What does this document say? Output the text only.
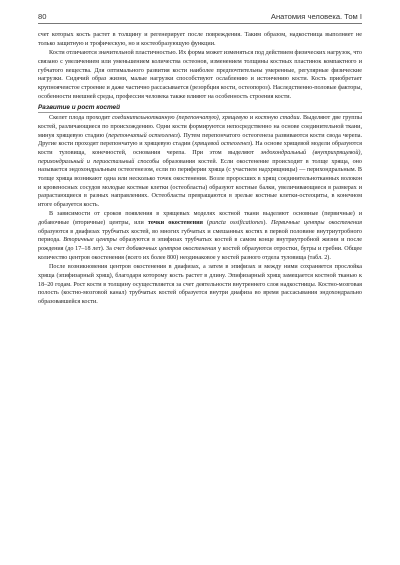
80	Анатомия человека. Том I

счет которых кость растет в толщину и регенерирует после повреждения. Таким образом, надкостница выполняет не только защитную и трофическую, но и костеобразующую функции.

Кости отличаются значительной пластичностью. Их форма может изменяться под действием физических нагрузок, что связано с увеличением или уменьшением количества остеонов, изменением толщины костных пластинок компактного и губчатого вещества. Для оптимального развития кости наиболее предпочтительны умеренные, регулярные физические нагрузки. Сидячий образ жизни, малые нагрузки способствуют ослаблению и истончению кости. Кость приобретает крупноячеистое строение и даже частично рассасывается (резорбция кости, остеопороз). Наследственно-половые факторы, особенности внешней среды, профессия человека также влияют на особенность строения кости.

Развитие и рост костей

Скелет плода проходит соединительнотканную (перепончатую), хрящевую и костную стадии. Выделяют две группы костей, различающиеся по происхождению. Одни кости формируются непосредственно на основе соединительной ткани, минуя хрящевую стадию (перепончатый остеогенез). Путем перепончатого остеогенеза развиваются кости свода черепа. Другие кости проходят перепончатую и хрящевую стадии (хрящевой остеогенез). На основе хрящевой модели образуются кости туловища, конечностей, основания черепа. При этом выделяют эндохондральный (внутрихрящевой), перихондральный и периостальный способы образования костей. Если окостенение происходит в толще хряща, оно называется эндохондральным остеогенезом, если по периферии хряща (с участием надхрящницы) — перихондральным. В толще хряща возникают одна или несколько точек окостенения. Возле проросших в хрящ соединительнотканных волокон и кровеносных сосудов молодые костные клетки (остеобласты) образуют костные балки, увеличивающиеся в размерах и разрастающиеся в разных направлениях. Остеобласты превращаются в зрелые костные клетки-остеоциты, в конечном итоге образуется кость.

В зависимости от сроков появления в хрящевых моделях костной ткани выделяют основные (первичные) и добавочные (вторичные) центры, или точки окостенения (puncta ossificationes). Первичные центры окостенения образуются в диафизах трубчатых костей, во многих губчатых и смешанных костях в первой половине внутриутробного периода. Вторичные центры образуются в эпифизах трубчатых костей в самом конце внутриутробной жизни и после рождения (до 17–18 лет). За счет добавочных центров окостенения у костей образуются отростки, бугры и гребни. Общее количество центров окостенения (всего их более 800) неодинаковое у костей разного отдела туловища (табл. 2).

После возникновения центров окостенения в диафизах, а затем в эпифизах и между ними сохраняется прослойка хряща (эпифизарный хрящ), благодаря которому кость растет в длину. Эпифизарный хрящ замещается костной тканью к 18–20 годам. Рост кости в толщину осуществляется за счет деятельности внутреннего слоя надкостницы. Костно-мозговая полость (костно-мозговой канал) трубчатых костей образуется внутри диафиза во время рассасывания эндохондрально образовавшейся кости.
